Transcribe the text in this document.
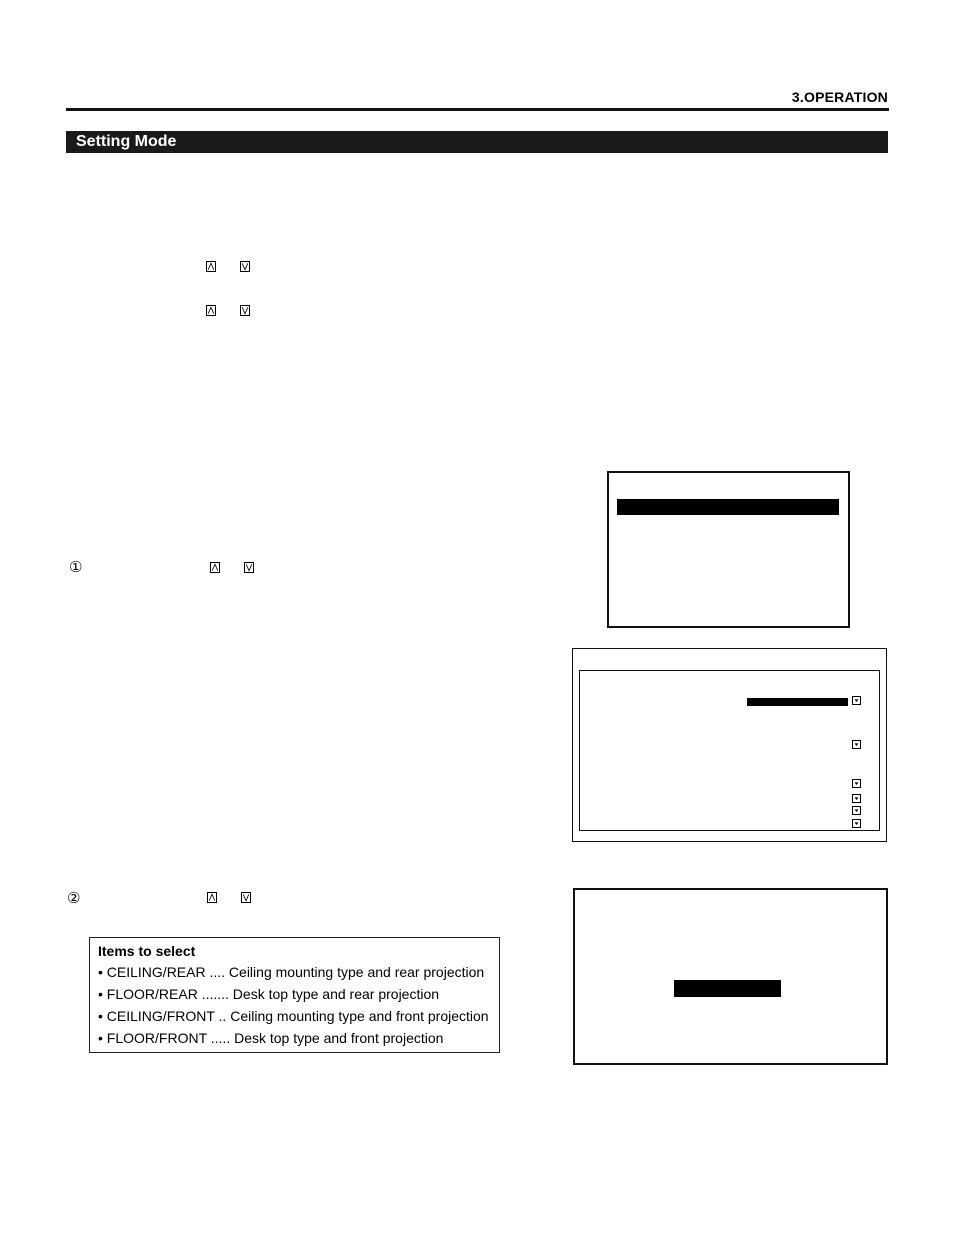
3.OPERATION
Setting Mode
①
②
Items to select
• CEILING/REAR .... Ceiling mounting type and rear projection
• FLOOR/REAR ....... Desk top type and rear projection
• CEILING/FRONT .. Ceiling mounting type and front projection
• FLOOR/FRONT ..... Desk top type and front projection
